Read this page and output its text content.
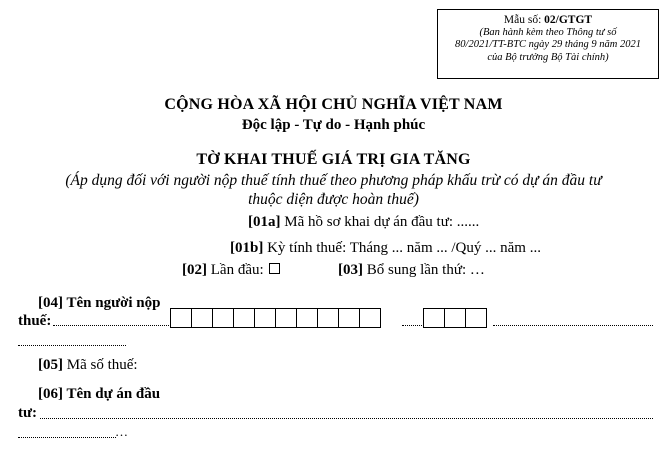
Mẫu số: 02/GTGT
(Ban hành kèm theo Thông tư số
80/2021/TT-BTC ngày 29 tháng 9 năm 2021
của Bộ trưởng Bộ Tài chính)
CỘNG HÒA XÃ HỘI CHỦ NGHĨA VIỆT NAM
Độc lập - Tự do - Hạnh phúc
TỜ KHAI THUẾ GIÁ TRỊ GIA TĂNG
(Áp dụng đối với người nộp thuế tính thuế theo phương pháp khấu trừ có dự án đầu tư
thuộc diện được hoàn thuế)
[01a] Mã hồ sơ khai dự án đầu tư: ......
[01b] Kỳ tính thuế: Tháng ... năm ... /Quý ... năm ...
[02] Lần đầu:	[03] Bổ sung lần thứ: …
[04] Tên người nộp
thuế:
[05] Mã số thuế:
[06] Tên dự án đầu
tư:
…
